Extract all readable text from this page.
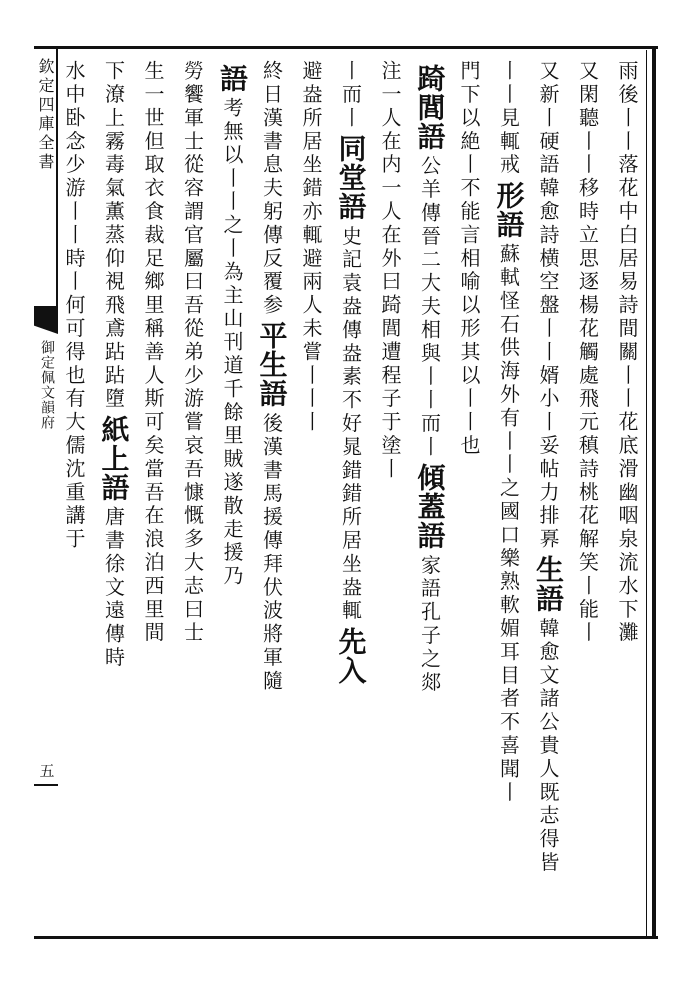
欽定四庫全書
御定佩文韻府
五
雨後丨丨落花中白居易詩間關丨丨花底滑幽咽泉流水下灘
又閑聽丨丨移時立思逐楊花觸處飛元稹詩桃花解笑丨能丨
又新丨硬語韓愈詩横空盤丨丨婿小丨妥帖力排奡生語韓愈文諸公貴人既志得皆
丨丨見輒戒形語蘇軾怪石供海外有丨丨之國口樂熟軟媚耳目者不喜聞丨
門下以絶丨不能言相喻以形其以丨丨也
踦閭語公羊傳晉二大夫相與丨丨而丨傾蓋語家語孔子之郯
注一人在内一人在外曰踦閭遭程子于塗丨
丨而丨同堂語史記袁盎傳盎素不好晁錯錯所居坐盎輒先入
避盎所居坐錯亦輒避兩人未嘗丨丨丨
終日漢書息夫躬傳反覆参平生語後漢書馬援傳拜伏波將軍隨
語考無以丨丨之丨為主山刊道千餘里賊遂散走援乃
勞饗軍士從容謂官屬曰吾從弟少游嘗哀吾慷慨多大志曰士
生一世但取衣食裁足鄉里稱善人斯可矣當吾在浪泊西里間
下潦上霧毒氣薫蒸仰視飛鳶跕跕墮紙上語唐書徐文遠傳時
水中卧念少游丨丨時丨何可得也有大儒沈重講于
